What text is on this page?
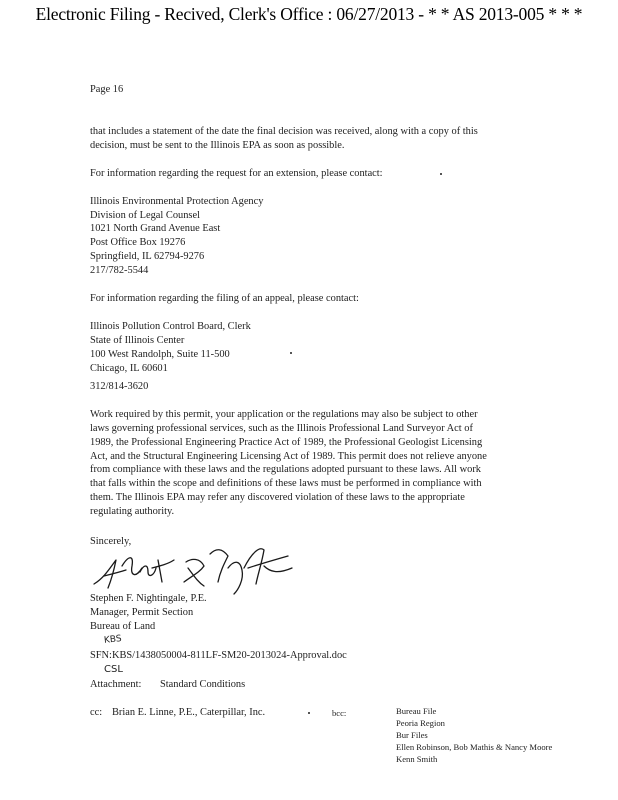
Electronic Filing - Recived, Clerk's Office : 06/27/2013 - * * AS 2013-005 * * *
Page 16
that includes a statement of the date the final decision was received, along with a copy of this
decision, must be sent to the Illinois EPA as soon as possible.
For information regarding the request for an extension, please contact:
Illinois Environmental Protection Agency
Division of Legal Counsel
1021 North Grand Avenue East
Post Office Box 19276
Springfield, IL 62794-9276
217/782-5544
For information regarding the filing of an appeal, please contact:
Illinois Pollution Control Board, Clerk
State of Illinois Center
100 West Randolph, Suite 11-500
Chicago, IL 60601
312/814-3620
Work required by this permit, your application or the regulations may also be subject to other
laws governing professional services, such as the Illinois Professional Land Surveyor Act of
1989, the Professional Engineering Practice Act of 1989, the Professional Geologist Licensing
Act, and the Structural Engineering Licensing Act of 1989. This permit does not relieve anyone
from compliance with these laws and the regulations adopted pursuant to these laws. All work
that falls within the scope and definitions of these laws must be performed in compliance with
them. The Illinois EPA may refer any discovered violation of these laws to the appropriate
regulating authority.
Sincerely,
Stephen F. Nightingale, P.E.
Manager, Permit Section
Bureau of Land
KBS
SFN:KBS/1438050004-811LF-SM20-2013024-Approval.doc
CSL
Attachment: Standard Conditions
cc: Brian E. Linne, P.E., Caterpillar, Inc.	bcc:	Bureau File
Peoria Region
Bur Files
Ellen Robinson, Bob Mathis & Nancy Moore
Kenn Smith
